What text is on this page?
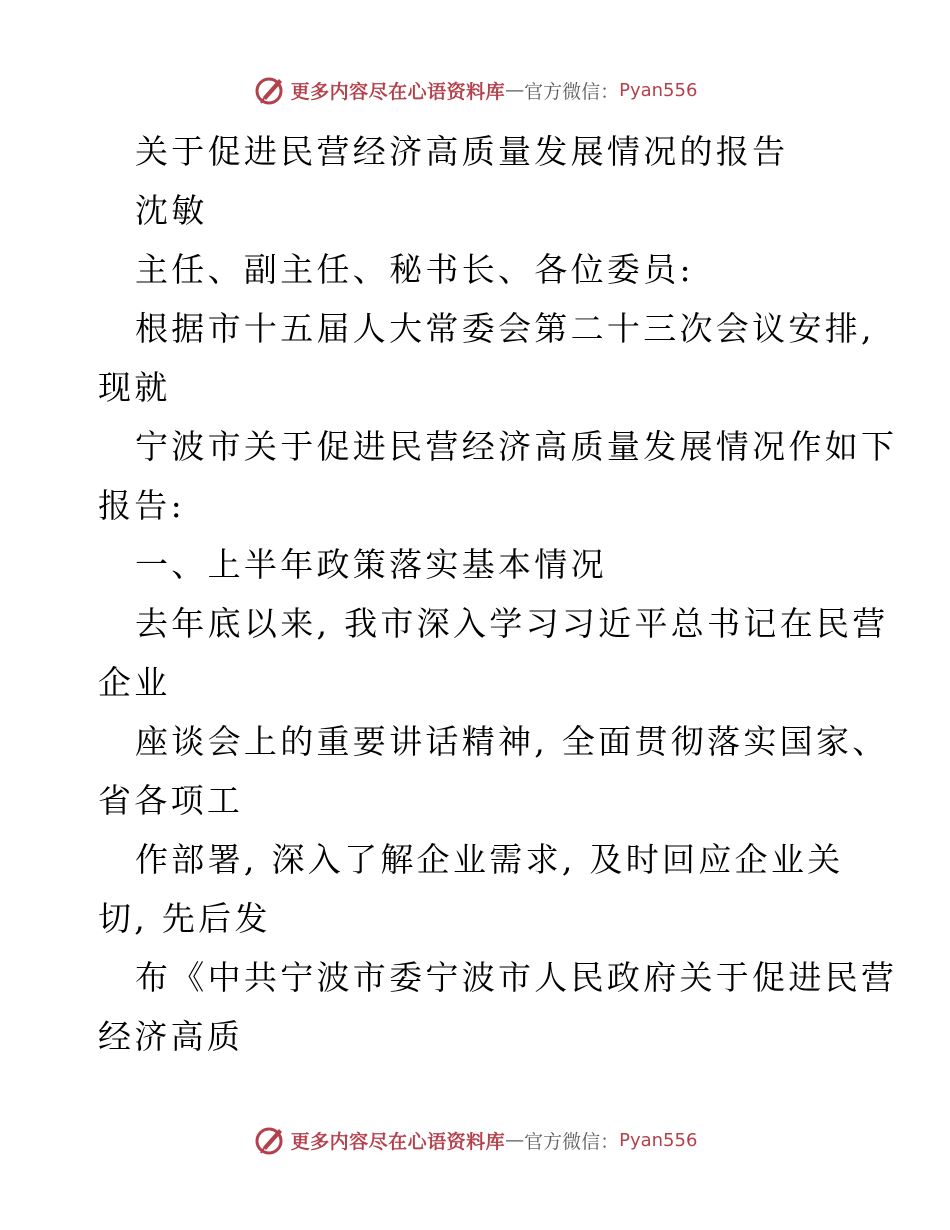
更多内容尽在心语资料库 — 官方微信： Pyan556
关于促进民营经济高质量发展情况的报告
沈敏
主任、副主任、秘书长、各位委员:
根据市十五届人大常委会第二十三次会议安排,
现就
宁波市关于促进民营经济高质量发展情况作如下
报告:
一、上半年政策落实基本情况
去年底以来, 我市深入学习习近平总书记在民营
企业
座谈会上的重要讲话精神, 全面贯彻落实国家、
省各项工
作部署, 深入了解企业需求, 及时回应企业关
切, 先后发
布《中共宁波市委宁波市人民政府关于促进民营
经济高质
更多内容尽在心语资料库 — 官方微信： Pyan556
